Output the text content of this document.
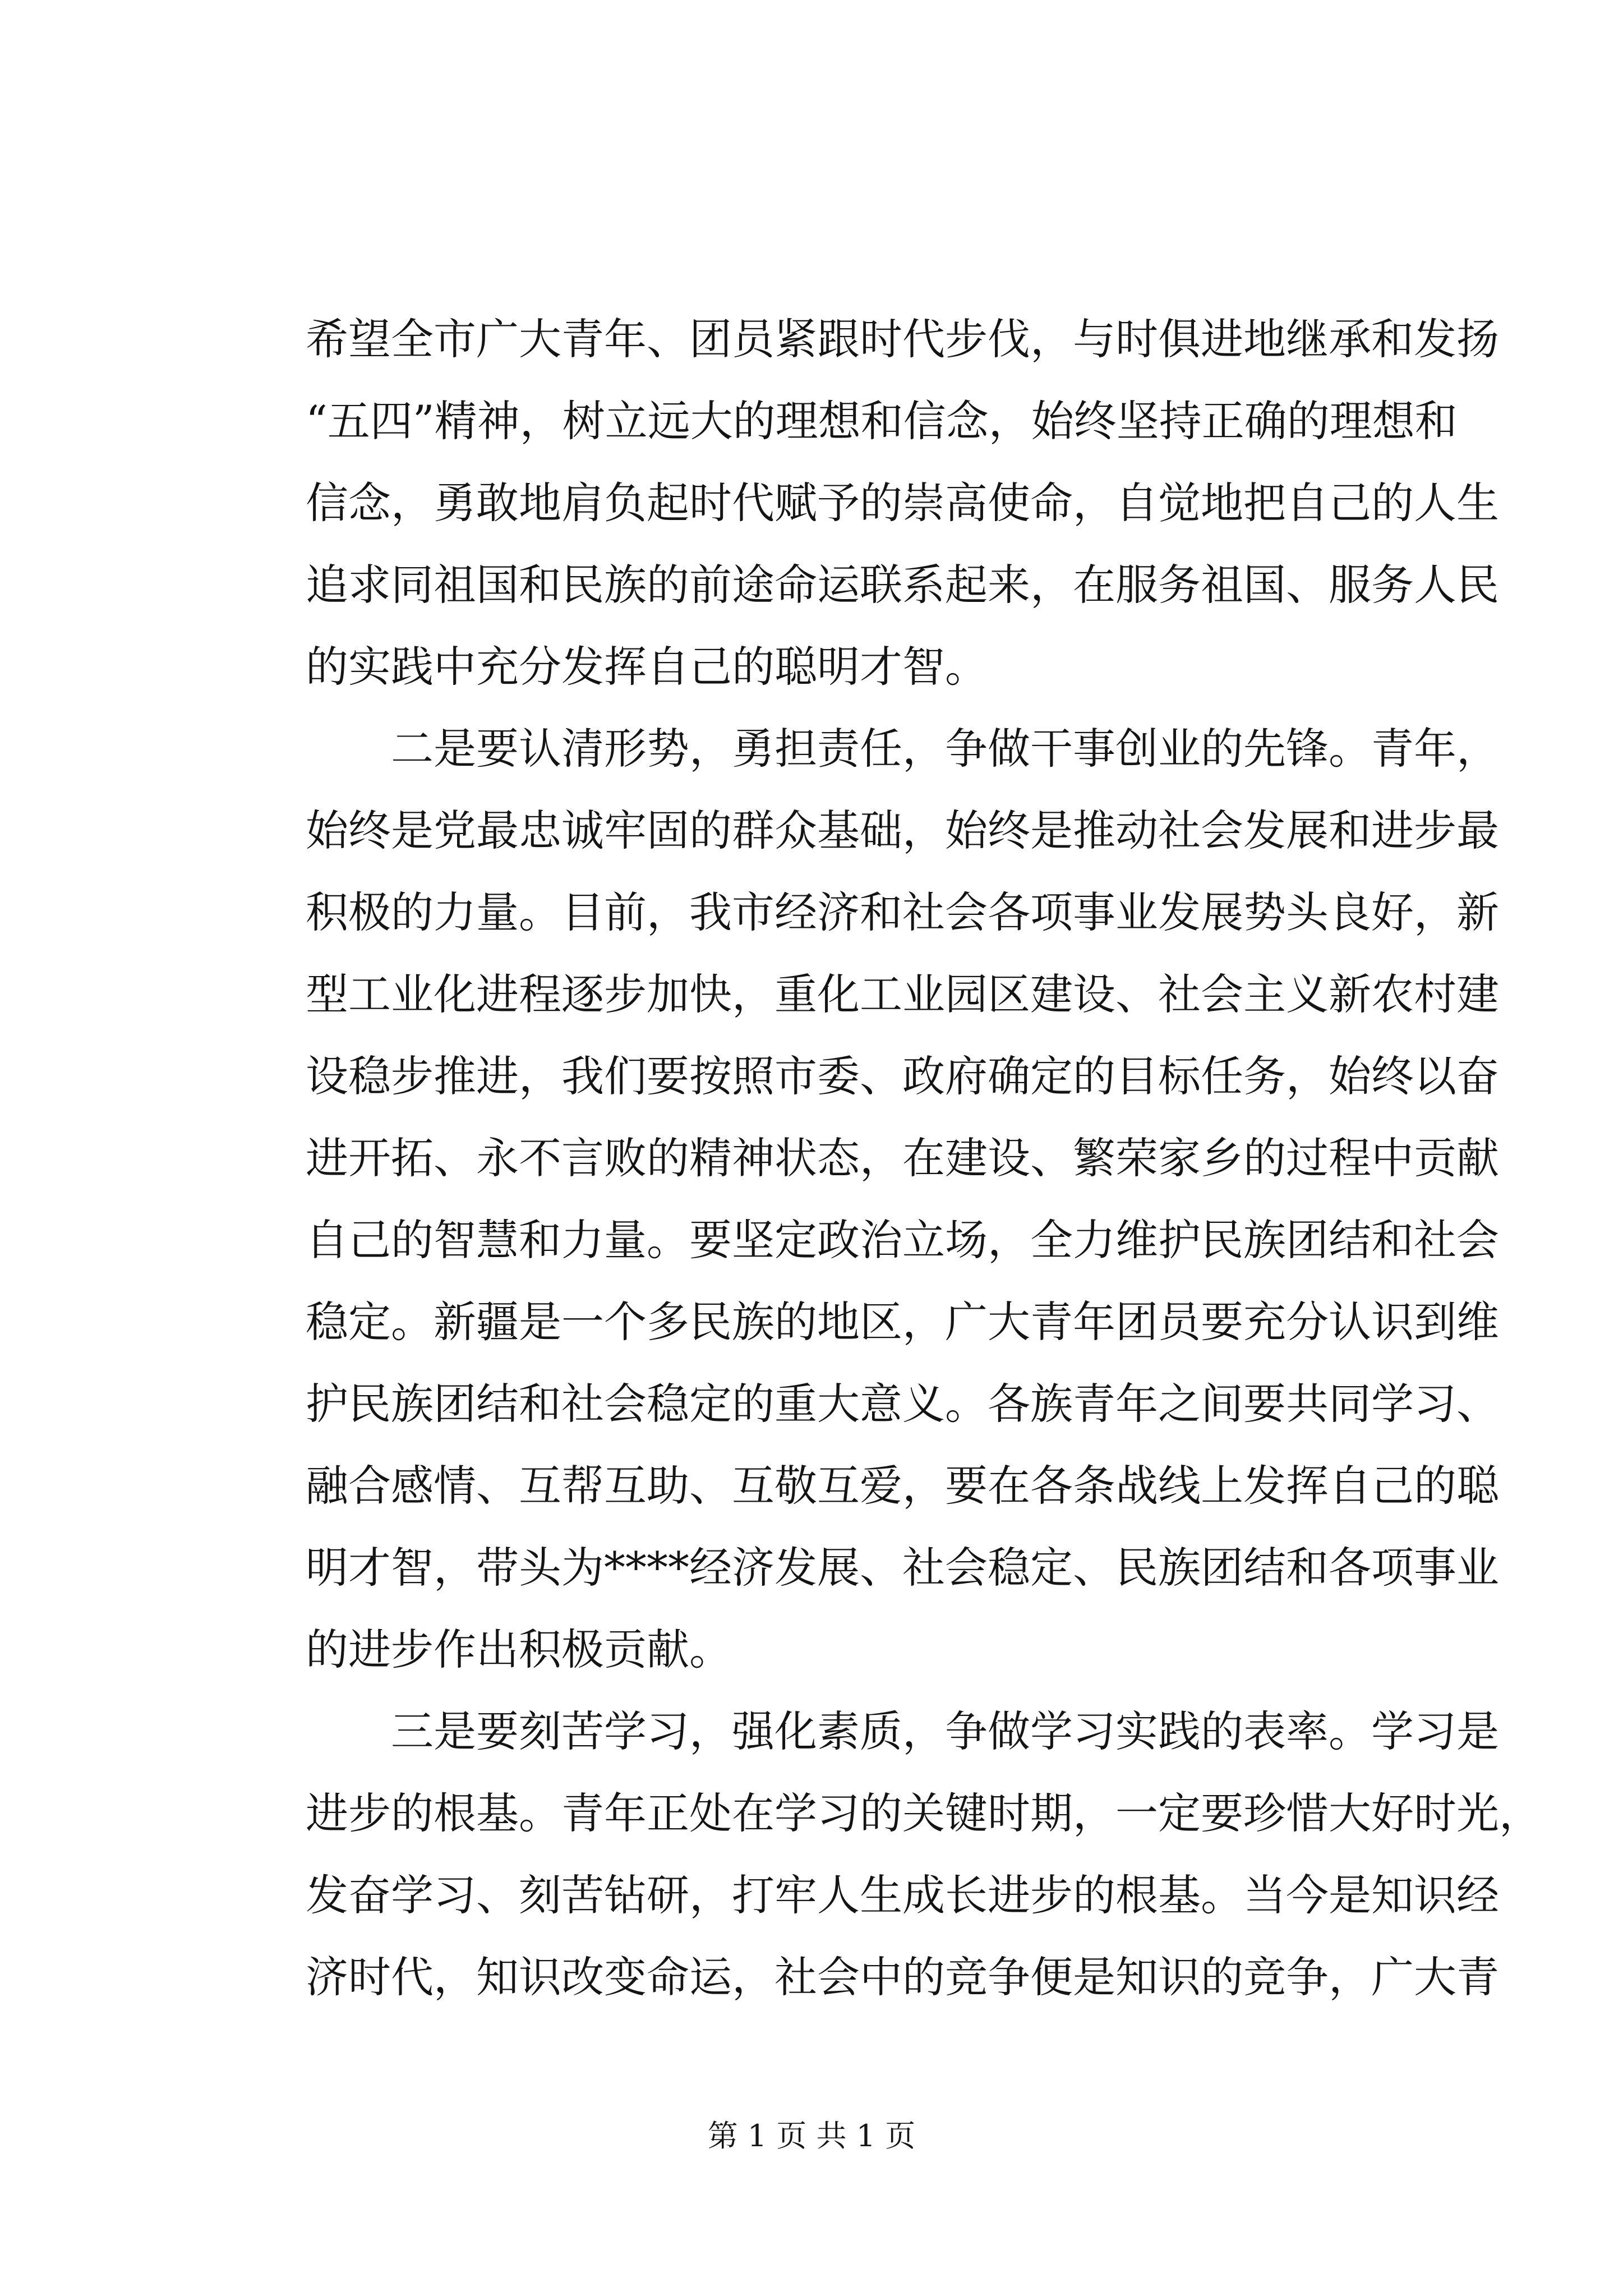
希望全市广大青年、团员紧跟时代步伐，与时俱进地继承和发扬
“五四”精神，树立远大的理想和信念，始终坚持正确的理想和
信念，勇敢地肩负起时代赋予的崇高使命，自觉地把自己的人生
追求同祖国和民族的前途命运联系起来，在服务祖国、服务人民
的实践中充分发挥自己的聪明才智。
二是要认清形势，勇担责任，争做干事创业的先锋。青年，
始终是党最忠诚牢固的群众基础，始终是推动社会发展和进步最
积极的力量。目前，我市经济和社会各项事业发展势头良好，新
型工业化进程逐步加快，重化工业园区建设、社会主义新农村建
设稳步推进，我们要按照市委、政府确定的目标任务，始终以奋
进开拓、永不言败的精神状态，在建设、繁荣家乡的过程中贡献
自己的智慧和力量。要坚定政治立场，全力维护民族团结和社会
稳定。新疆是一个多民族的地区，广大青年团员要充分认识到维
护民族团结和社会稳定的重大意义。各族青年之间要共同学习、
融合感情、互帮互助、互敬互爱，要在各条战线上发挥自己的聪
明才智，带头为****经济发展、社会稳定、民族团结和各项事业
的进步作出积极贡献。
三是要刻苦学习，强化素质，争做学习实践的表率。学习是
进步的根基。青年正处在学习的关键时期，一定要珍惜大好时光，
发奋学习、刻苦钻研，打牢人生成长进步的根基。当今是知识经
济时代，知识改变命运，社会中的竞争便是知识的竞争，广大青
第 1 页 共 1 页
